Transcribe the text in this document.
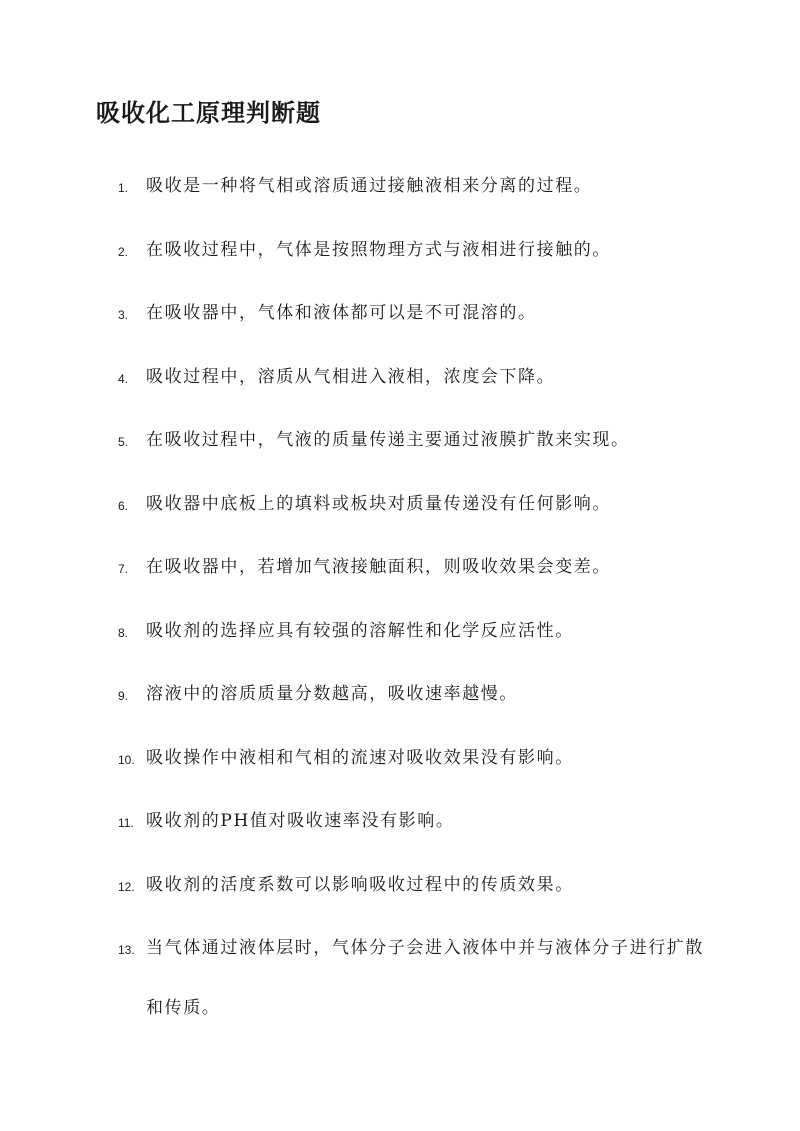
吸收化工原理判断题
1.	吸收是一种将气相或溶质通过接触液相来分离的过程。
2.	在吸收过程中，气体是按照物理方式与液相进行接触的。
3.	在吸收器中，气体和液体都可以是不可混溶的。
4.	吸收过程中，溶质从气相进入液相，浓度会下降。
5.	在吸收过程中，气液的质量传递主要通过液膜扩散来实现。
6.	吸收器中底板上的填料或板块对质量传递没有任何影响。
7.	在吸收器中，若增加气液接触面积，则吸收效果会变差。
8.	吸收剂的选择应具有较强的溶解性和化学反应活性。
9.	溶液中的溶质质量分数越高，吸收速率越慢。
10. 吸收操作中液相和气相的流速对吸收效果没有影响。
11. 吸收剂的PH值对吸收速率没有影响。
12. 吸收剂的活度系数可以影响吸收过程中的传质效果。
13. 当气体通过液体层时，气体分子会进入液体中并与液体分子进行扩散和传质。
